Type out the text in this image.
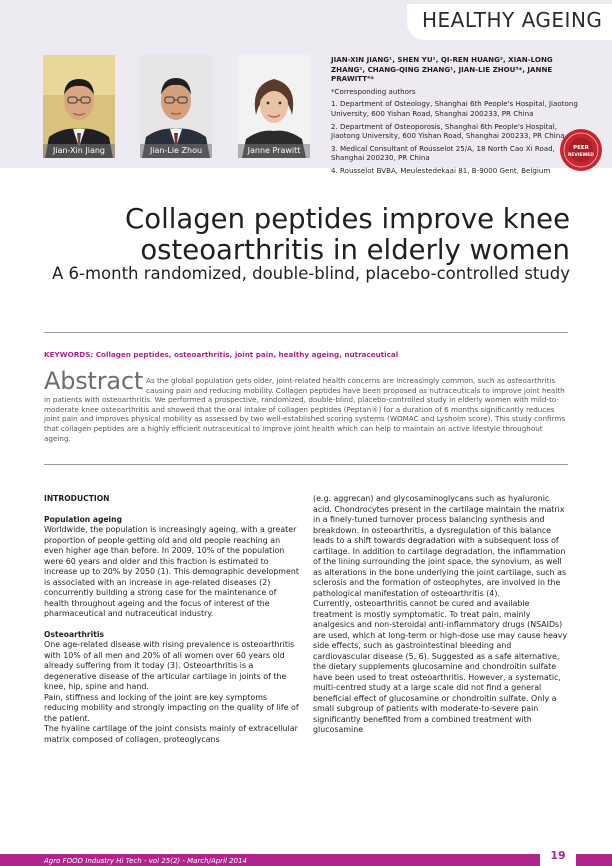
HEALTHY AGEING
Jian-Xin Jiang	Jian-Lie Zhou	Janne Prawitt

JIAN-XIN JIANG¹, SHEN YU¹, QI-REN HUANG², XIAN-LONG ZHANG¹, CHANG-QING ZHANG¹, JIAN-LIE ZHOU³*, JANNE PRAWITT⁴*

*Corresponding authors

1. Department of Osteology, Shanghai 6th People's Hospital, Jiaotong University, 600 Yishan Road, Shanghai 200233, PR China

2. Department of Osteoporosis, Shanghai 6th People's Hospital, Jiaotong University, 600 Yishan Road, Shanghai 200233, PR China

3. Medical Consultant of Rousselot 25/A, 18 North Cao Xi Road, Shanghai 200230, PR China

4. Rousselot BVBA, Meulestedekaai 81, B-9000 Gent, Belgium

PEER
REVIEWED
Collagen peptides improve knee
osteoarthritis in elderly women
A 6-month randomized, double-blind, placebo-controlled study
KEYWORDS: Collagen peptides, osteoarthritis, joint pain, healthy ageing, nutraceutical
Abstract As the global population gets older, joint-related health concerns are increasingly common, such as osteoarthritis causing pain and reducing mobility. Collagen peptides have been proposed as nutraceuticals to improve joint health in patients with osteoarthritis. We performed a prospective, randomized, double-blind, placebo-controlled study in elderly women with mild-to-moderate knee osteoarthritis and showed that the oral intake of collagen peptides (Peptan®) for a duration of 6 months significantly reduces joint pain and improves physical mobility as assessed by two well-established scoring systems (WOMAC and Lysholm score). This study confirms that collagen peptides are a highly efficient nutraceutical to improve joint health which can help to maintain an active lifestyle throughout ageing.

INTRODUCTION

Population ageing

Worldwide, the population is increasingly ageing, with a greater proportion of people getting old and old people reaching an even higher age than before. In 2009, 10% of the population were 60 years and older and this fraction is estimated to increase up to 20% by 2050 (1). This demographic development is associated with an increase in age-related diseases (2) concurrently building a strong case for the maintenance of health throughout ageing and the focus of interest of the pharmaceutical and nutraceutical industry.

Osteoarthritis

One age-related disease with rising prevalence is osteoarthritis with 10% of all men and 20% of all women over 60 years old already suffering from it today (3). Osteoarthritis is a degenerative disease of the articular cartilage in joints of the knee, hip, spine and hand.

Pain, stiffness and locking of the joint are key symptoms reducing mobility and strongly impacting on the quality of life of the patient.

The hyaline cartilage of the joint consists mainly of extracellular matrix composed of collagen, proteoglycans

(e.g. aggrecan) and glycosaminoglycans such as hyaluronic acid. Chondrocytes present in the cartilage maintain the matrix in a finely-tuned turnover process balancing synthesis and breakdown. In osteoarthritis, a dysregulation of this balance leads to a shift towards degradation with a subsequent loss of cartilage. In addition to cartilage degradation, the inflammation of the lining surrounding the joint space, the synovium, as well as alterations in the bone underlying the joint cartilage, such as sclerosis and the formation of osteophytes, are involved in the pathological manifestation of osteoarthritis (4).

Currently, osteoarthritis cannot be cured and available treatment is mostly symptomatic. To treat pain, mainly analgesics and non-steroidal anti-inflammatory drugs (NSAIDs) are used, which at long-term or high-dose use may cause heavy side effects, such as gastrointestinal bleeding and cardiovascular disease (5, 6). Suggested as a safe alternative, the dietary supplements glucosamine and chondroitin sulfate have been used to treat osteoarthritis. However, a systematic, multi-centred study at a large scale did not find a general beneficial effect of glucosamine or chondroitin sulfate. Only a small subgroup of patients with moderate-to-severe pain significantly benefited from a combined treatment with glucosamine

Agro FOOD Industry Hi Tech - vol 25(2) - March/April 2014	19
